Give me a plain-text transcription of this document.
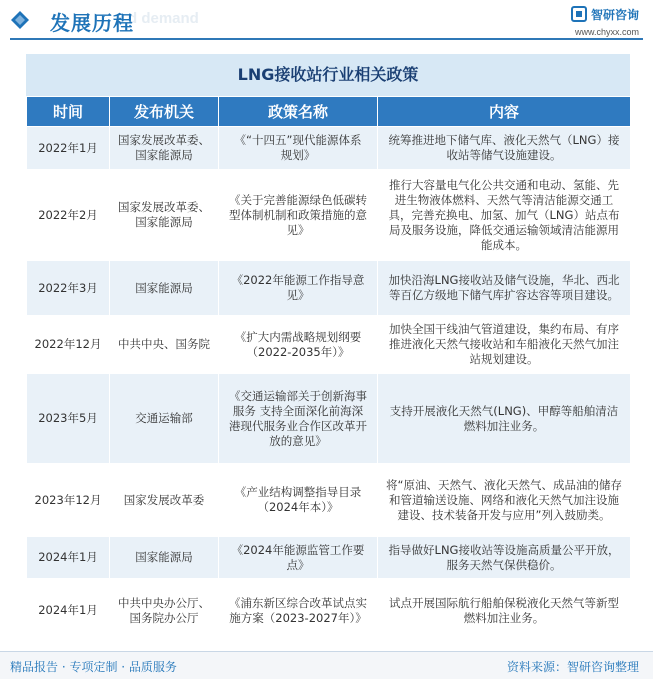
d demand
发展历程	智研咨询
www.chyxx.com
LNG接收站行业相关政策
时间	发布机关	政策名称	内容
2022年1月	国家发展改革委、国家能源局	《“十四五”现代能源体系规划》	统筹推进地下储气库、液化天然气（LNG）接收站等储气设施建设。
2022年2月	国家发展改革委、国家能源局	《关于完善能源绿色低碳转型体制机制和政策措施的意见》	推行大容量电气化公共交通和电动、氢能、先进生物液体燃料、天然气等清洁能源交通工具，完善充换电、加氢、加气（LNG）站点布局及服务设施，降低交通运输领域清洁能源用能成本。
2022年3月	国家能源局	《2022年能源工作指导意见》	加快沿海LNG接收站及储气设施，华北、西北等百亿方级地下储气库扩容达容等项目建设。
2022年12月	中共中央、国务院	《扩大内需战略规划纲要（2022-2035年）》	加快全国干线油气管道建设，集约布局、有序推进液化天然气接收站和车船液化天然气加注站规划建设。
2023年5月	交通运输部	《交通运输部关于创新海事服务 支持全面深化前海深港现代服务业合作区改革开放的意见》	支持开展液化天然气(LNG)、甲醇等船舶清洁燃料加注业务。
2023年12月	国家发展改革委	《产业结构调整指导目录（2024年本）》	将“原油、天然气、液化天然气、成品油的储存和管道输送设施、网络和液化天然气加注设施建设、技术装备开发与应用”列入鼓励类。
2024年1月	国家能源局	《2024年能源监管工作要点》	指导做好LNG接收站等设施高质量公平开放，服务天然气保供稳价。
2024年1月	中共中央办公厅、国务院办公厅	《浦东新区综合改革试点实施方案（2023-2027年）》	试点开展国际航行船舶保税液化天然气等新型燃料加注业务。
精品报告 · 专项定制 · 品质服务	资料来源：智研咨询整理
